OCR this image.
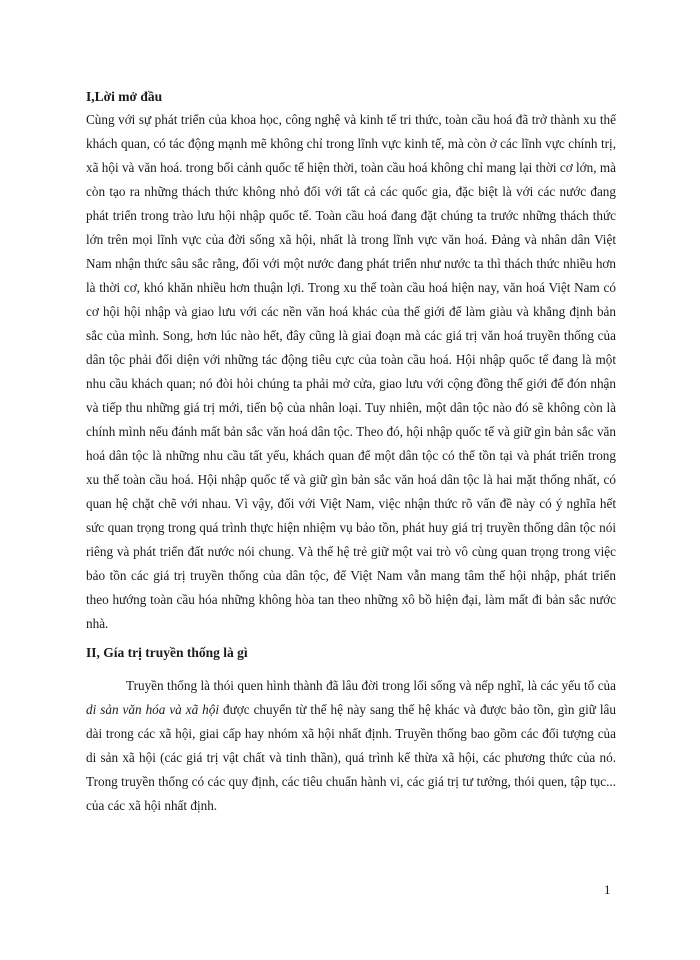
I,Lời mở đầu

Cùng với sự phát triển của khoa học, công nghệ và kinh tế tri thức, toàn cầu hoá đã trở thành xu thế khách quan, có tác động mạnh mẽ không chỉ trong lĩnh vực kinh tế, mà còn ở các lĩnh vực chính trị, xã hội và văn hoá. trong bối cảnh quốc tế hiện thời, toàn cầu hoá không chỉ mang lại thời cơ lớn, mà còn tạo ra những thách thức không nhỏ đối với tất cả các quốc gia, đặc biệt là với các nước đang phát triển trong trào lưu hội nhập quốc tế. Toàn cầu hoá đang đặt chúng ta trước những thách thức lớn trên mọi lĩnh vực của đời sống xã hội, nhất là trong lĩnh vực văn hoá. Đảng và nhân dân Việt Nam nhận thức sâu sắc rằng, đối với một nước đang phát triển như nước ta thì thách thức nhiều hơn là thời cơ, khó khăn nhiều hơn thuận lợi. Trong xu thế toàn cầu hoá hiện nay, văn hoá Việt Nam có cơ hội hội nhập và giao lưu với các nền văn hoá khác của thế giới để làm giàu và khẳng định bản sắc của mình. Song, hơn lúc nào hết, đây cũng là giai đoạn mà các giá trị văn hoá truyền thống của dân tộc phải đối diện với những tác động tiêu cực của toàn cầu hoá. Hội nhập quốc tế đang là một nhu cầu khách quan; nó đòi hỏi chúng ta phải mở cửa, giao lưu với cộng đồng thế giới để đón nhận và tiếp thu những giá trị mới, tiến bộ của nhân loại. Tuy nhiên, một dân tộc nào đó sẽ không còn là chính mình nếu đánh mất bản sắc văn hoá dân tộc. Theo đó, hội nhập quốc tế và giữ gìn bản sắc văn hoá dân tộc là những nhu cầu tất yếu, khách quan để một dân tộc có thể tồn tại và phát triển trong xu thế toàn cầu hoá. Hội nhập quốc tế và giữ gìn bản sắc văn hoá dân tộc là hai mặt thống nhất, có quan hệ chặt chẽ với nhau. Vì vậy, đối với Việt Nam, việc nhận thức rõ vấn đề này có ý nghĩa hết sức quan trọng trong quá trình thực hiện nhiệm vụ bảo tồn, phát huy giá trị truyền thống dân tộc nói riêng và phát triển đất nước nói chung. Và thế hệ trẻ giữ một vai trò vô cùng quan trọng trong việc bảo tồn các giá trị truyền thống của dân tộc, để Việt Nam vẫn mang tâm thế hội nhập, phát triển theo hướng toàn cầu hóa những không hòa tan theo những xô bồ hiện đại, làm mất đi bản sắc nước nhà.

II, Gía trị truyền thống là gì

Truyền thống là thói quen hình thành đã lâu đời trong lối sống và nếp nghĩ, là các yếu tố của di sản văn hóa và xã hội được chuyển từ thế hệ này sang thế hệ khác và được bảo tồn, gìn giữ lâu dài trong các xã hội, giai cấp hay nhóm xã hội nhất định. Truyền thống bao gồm các đối tượng của di sản xã hội (các giá trị vật chất và tinh thần), quá trình kế thừa xã hội, các phương thức của nó. Trong truyền thống có các quy định, các tiêu chuẩn hành vi, các giá trị tư tưởng, thói quen, tập tục... của các xã hội nhất định.

1
